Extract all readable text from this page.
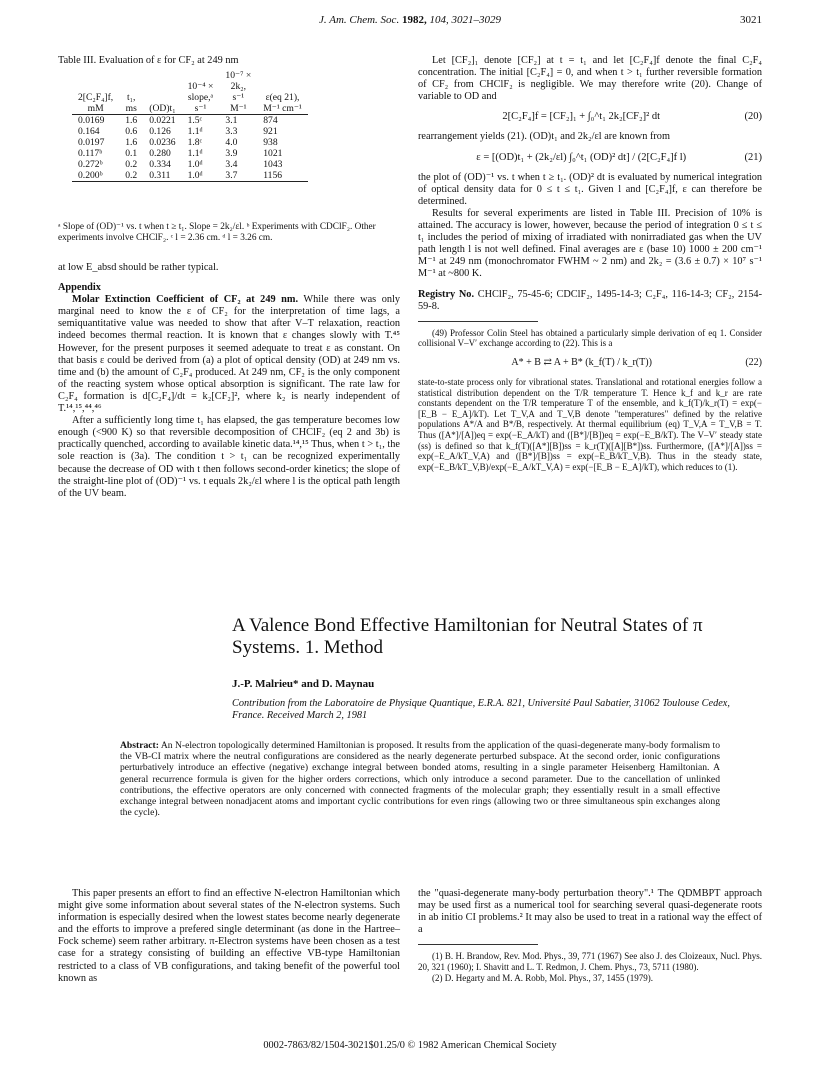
J. Am. Chem. Soc. 1982, 104, 3021–3029	3021
Table III. Evaluation of ε for CF₂ at 249 nm
				10⁻⁷ ×	
			10⁻⁴ ×	2k₂,	
2[C₂F₄]f,	t₁,		slope,ᵃ	s⁻¹	ε(eq 21),
mM	ms	(OD)t₁	s⁻¹	M⁻¹	M⁻¹ cm⁻¹
0.0169	1.6	0.0221	1.5ᶜ	3.1	874
0.164	0.6	0.126	1.1ᵈ	3.3	921
0.0197	1.6	0.0236	1.8ᶜ	4.0	938
0.117ᵇ	0.1	0.280	1.1ᵈ	3.9	1021
0.272ᵇ	0.2	0.334	1.0ᵈ	3.4	1043
0.200ᵇ	0.2	0.311	1.0ᵈ	3.7	1156
ᵃ Slope of (OD)⁻¹ vs. t when t ≥ t₁. Slope = 2k₂/εl. ᵇ Experiments with CDClF₂. Other experiments involve CHClF₂. ᶜ l = 2.36 cm. ᵈ l = 3.26 cm.

at low E_absd should be rather typical.

Appendix

Molar Extinction Coefficient of CF₂ at 249 nm. While there was only marginal need to know the ε of CF₂ for the interpretation of time lags, a semiquantitative value was needed to show that after V–T relaxation, reaction indeed becomes thermal reaction. It is known that ε changes slowly with T.⁴⁵ However, for the present purposes it seemed adequate to treat ε as constant. On that basis ε could be derived from (a) a plot of optical density (OD) at 249 nm vs. time and (b) the amount of C₂F₄ produced. At 249 nm, CF₂ is the only component of the reacting system whose optical absorption is significant. The rate law for C₂F₄ formation is d[C₂F₄]/dt = k₂[CF₂]², where k₂ is nearly independent of T.¹⁴,¹⁵,⁴⁴,⁴⁶

After a sufficiently long time t₁ has elapsed, the gas temperature becomes low enough (<900 K) so that reversible decomposition of CHClF₂ (eq 2 and 3b) is practically quenched, according to available kinetic data.¹⁴,¹⁵ Thus, when t > t₁, the sole reaction is (3a). The condition t > t₁ can be recognized experimentally because the decrease of OD with t then follows second-order kinetics; the slope of the straight-line plot of (OD)⁻¹ vs. t equals 2k₂/εl where l is the optical path length of the UV beam.

Let [CF₂]₁ denote [CF₂] at t = t₁ and let [C₂F₄]f denote the final C₂F₄ concentration. The initial [C₂F₄] = 0, and when t > t₁ further reversible formation of CF₂ from CHClF₂ is negligible. We may therefore write (20). Change of variable to OD and

2[C₂F₄]f = [CF₂]₁ + ∫₀^t₁ 2k₂[CF₂]² dt	(20)

rearrangement yields (21). (OD)t₁ and 2k₂/εl are known from

ε = [(OD)t₁ + (2k₂/εl) ∫₀^t₁ (OD)² dt] / (2[C₂F₄]f l)	(21)

the plot of (OD)⁻¹ vs. t when t ≥ t₁. (OD)² dt is evaluated by numerical integration of optical density data for 0 ≤ t ≤ t₁. Given l and [C₂F₄]f, ε can therefore be determined.

Results for several experiments are listed in Table III. Precision of 10% is attained. The accuracy is lower, however, because the period of integration 0 ≤ t ≤ t₁ includes the period of mixing of irradiated with nonirradiated gas when the UV path length l is not well defined. Final averages are ε (base 10) 1000 ± 200 cm⁻¹ M⁻¹ at 249 nm (monochromator FWHM ~ 2 nm) and 2k₂ = (3.6 ± 0.7) × 10⁷ s⁻¹ M⁻¹ at ~800 K.

Registry No. CHClF₂, 75-45-6; CDClF₂, 1495-14-3; C₂F₄, 116-14-3; CF₂, 2154-59-8.

(49) Professor Colin Steel has obtained a particularly simple derivation of eq 1. Consider collisional V–V′ exchange according to (22). This is a

A* + B ⇄ A + B* (k_f(T) / k_r(T))	(22)

state-to-state process only for vibrational states. Translational and rotational energies follow a statistical distribution dependent on the T/R temperature T. Hence k_f and k_r are rate constants dependent on the T/R temperature T of the ensemble, and k_f(T)/k_r(T) = exp(−[E_B − E_A]/kT). Let T_V,A and T_V,B denote "temperatures" defined by the relative populations A*/A and B*/B, respectively. At thermal equilibrium (eq) T_V,A = T_V,B = T. Thus ([A*]/[A])eq = exp(−E_A/kT) and ([B*]/[B])eq = exp(−E_B/kT). The V–V′ steady state (ss) is defined so that k_f(T)([A*][B])ss = k_r(T)([A][B*])ss. Furthermore, ([A*]/[A])ss = exp(−E_A/kT_V,A) and ([B*]/[B])ss = exp(−E_B/kT_V,B). Thus in the steady state, exp(−E_B/kT_V,B)/exp(−E_A/kT_V,A) = exp(−[E_B − E_A]/kT), which reduces to (1).

A Valence Bond Effective Hamiltonian for Neutral States of π Systems. 1. Method
J.-P. Malrieu* and D. Maynau
Contribution from the Laboratoire de Physique Quantique, E.R.A. 821, Université Paul Sabatier, 31062 Toulouse Cedex, France. Received March 2, 1981
Abstract: An N-electron topologically determined Hamiltonian is proposed. It results from the application of the quasi-degenerate many-body formalism to the VB-CI matrix where the neutral configurations are considered as the nearly degenerate perturbed subspace. At the second order, ionic configurations perturbatively introduce an effective (negative) exchange integral between bonded atoms, resulting in a single parameter Heisenberg Hamiltonian. A general recurrence formula is given for the higher orders corrections, which only introduce a second parameter. Due to the cancellation of unlinked contributions, the effective operators are only concerned with connected fragments of the molecular graph; they essentially result in a small effective exchange integral between nonadjacent atoms and important cyclic contributions for even rings (allowing two or three simultaneous spin exchanges along the cycle).

This paper presents an effort to find an effective N-electron Hamiltonian which might give some information about several states of the N-electron systems. Such information is especially desired when the lowest states become nearly degenerate and the efforts to improve a prefered single determinant (as done in the Hartree–Fock scheme) seem rather arbitrary. π-Electron systems have been chosen as a test case for a strategy consisting of building an effective VB-type Hamiltonian restricted to a class of VB configurations, and taking benefit of the powerful tool known as

the "quasi-degenerate many-body perturbation theory".¹ The QDMBPT approach may be used first as a numerical tool for searching several quasi-degenerate roots in ab initio CI problems.² It may also be used to treat in a rational way the effect of a

(1) B. H. Brandow, Rev. Mod. Phys., 39, 771 (1967) See also J. des Cloizeaux, Nucl. Phys. 20, 321 (1960); I. Shavitt and L. T. Redmon, J. Chem. Phys., 73, 5711 (1980).

(2) D. Hegarty and M. A. Robb, Mol. Phys., 37, 1455 (1979).

0002-7863/82/1504-3021$01.25/0 © 1982 American Chemical Society
